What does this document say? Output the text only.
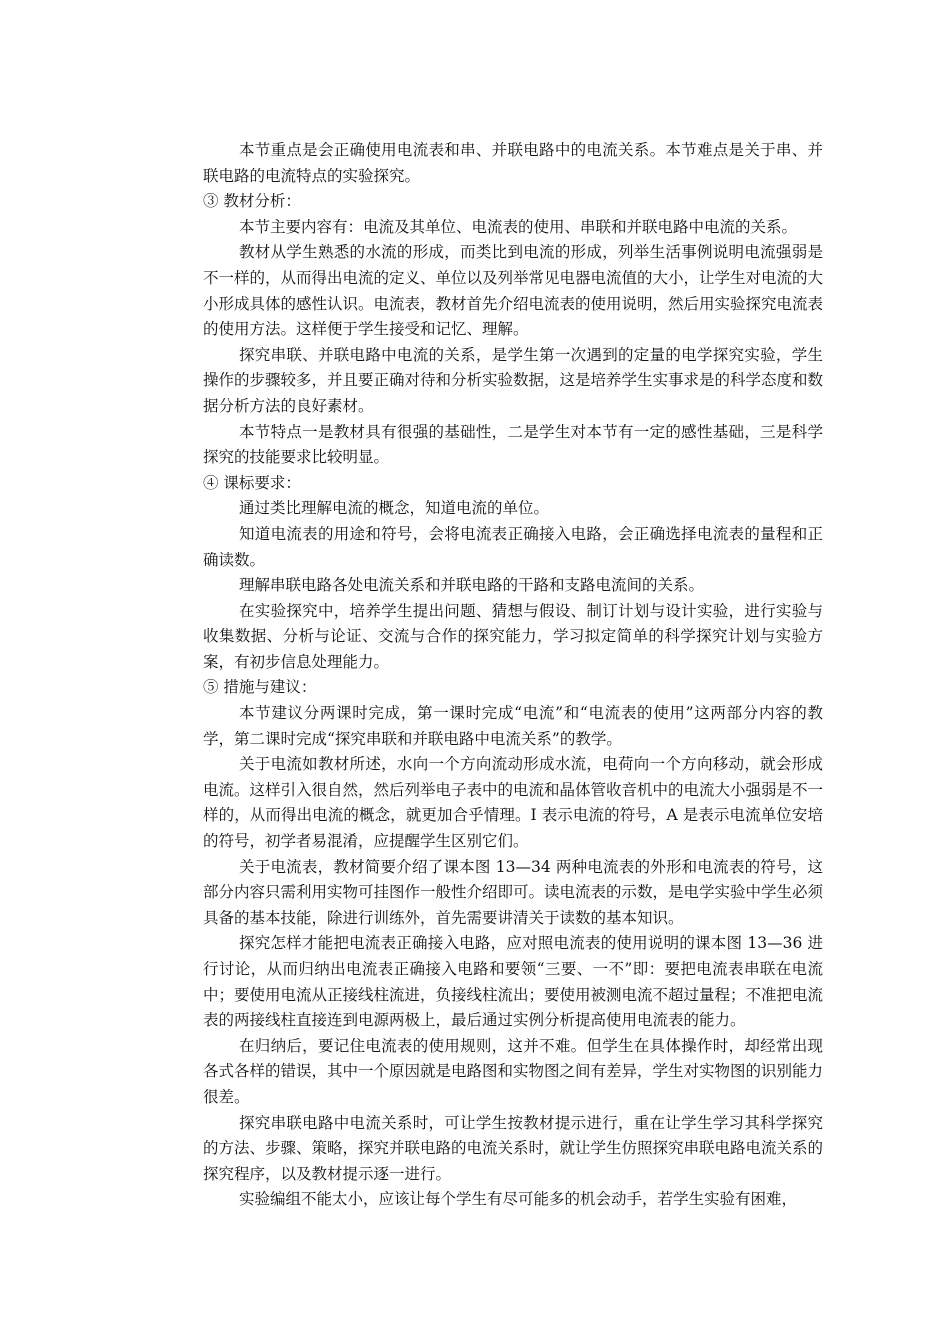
本节重点是会正确使用电流表和串、并联电路中的电流关系。本节难点是关于串、并联电路的电流特点的实验探究。

③ 教材分析：

本节主要内容有：电流及其单位、电流表的使用、串联和并联电路中电流的关系。

教材从学生熟悉的水流的形成，而类比到电流的形成，列举生活事例说明电流强弱是不一样的，从而得出电流的定义、单位以及列举常见电器电流值的大小，让学生对电流的大小形成具体的感性认识。电流表，教材首先介绍电流表的使用说明，然后用实验探究电流表的使用方法。这样便于学生接受和记忆、理解。

探究串联、并联电路中电流的关系，是学生第一次遇到的定量的电学探究实验，学生操作的步骤较多，并且要正确对待和分析实验数据，这是培养学生实事求是的科学态度和数据分析方法的良好素材。

本节特点一是教材具有很强的基础性，二是学生对本节有一定的感性基础，三是科学探究的技能要求比较明显。

④ 课标要求：

通过类比理解电流的概念，知道电流的单位。

知道电流表的用途和符号，会将电流表正确接入电路，会正确选择电流表的量程和正确读数。

理解串联电路各处电流关系和并联电路的干路和支路电流间的关系。

在实验探究中，培养学生提出问题、猜想与假设、制订计划与设计实验，进行实验与收集数据、分析与论证、交流与合作的探究能力，学习拟定简单的科学探究计划与实验方案，有初步信息处理能力。

⑤ 措施与建议：

本节建议分两课时完成，第一课时完成“电流”和“电流表的使用”这两部分内容的教学，第二课时完成“探究串联和并联电路中电流关系”的教学。

关于电流如教材所述，水向一个方向流动形成水流，电荷向一个方向移动，就会形成电流。这样引入很自然，然后列举电子表中的电流和晶体管收音机中的电流大小强弱是不一样的，从而得出电流的概念，就更加合乎情理。I 表示电流的符号，A 是表示电流单位安培的符号，初学者易混淆，应提醒学生区别它们。

关于电流表，教材简要介绍了课本图 13—34 两种电流表的外形和电流表的符号，这部分内容只需利用实物可挂图作一般性介绍即可。读电流表的示数，是电学实验中学生必须具备的基本技能，除进行训练外，首先需要讲清关于读数的基本知识。

探究怎样才能把电流表正确接入电路，应对照电流表的使用说明的课本图 13—36 进行讨论，从而归纳出电流表正确接入电路和要领“三要、一不”即：要把电流表串联在电流中；要使用电流从正接线柱流进，负接线柱流出；要使用被测电流不超过量程；不准把电流表的两接线柱直接连到电源两极上，最后通过实例分析提高使用电流表的能力。

在归纳后，要记住电流表的使用规则，这并不难。但学生在具体操作时，却经常出现各式各样的错误，其中一个原因就是电路图和实物图之间有差异，学生对实物图的识别能力很差。

探究串联电路中电流关系时，可让学生按教材提示进行，重在让学生学习其科学探究的方法、步骤、策略，探究并联电路的电流关系时，就让学生仿照探究串联电路电流关系的探究程序，以及教材提示逐一进行。

实验编组不能太小，应该让每个学生有尽可能多的机会动手，若学生实验有困难，
